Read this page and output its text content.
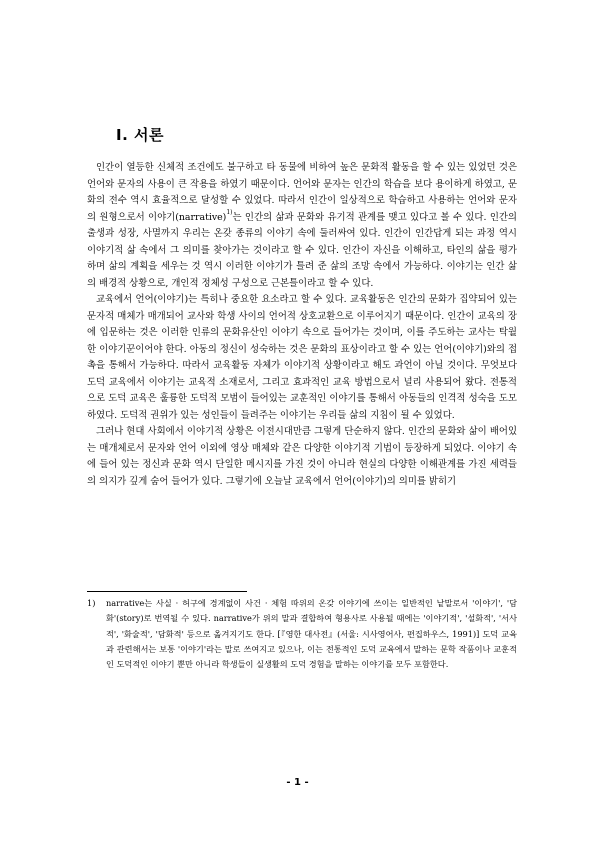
Ⅰ. 서론

인간이 열등한 신체적 조건에도 불구하고 타 동물에 비하여 높은 문화적 활동을 할 수 있는 있었던 것은 언어와 문자의 사용이 큰 작용을 하였기 때문이다. 언어와 문자는 인간의 학습을 보다 용이하게 하였고, 문화의 전수 역시 효율적으로 달성할 수 있었다. 따라서 인간이 일상적으로 학습하고 사용하는 언어와 문자의 원형으로서 이야기(narrative)$^{1)}$는 인간의 삶과 문화와 유기적 관계를 맺고 있다고 볼 수 있다. 인간의 출생과 성장, 사멸까지 우리는 온갖 종류의 이야기 속에 둘러싸여 있다. 인간이 인간답게 되는 과정 역시 이야기적 삶 속에서 그 의미를 찾아가는 것이라고 할 수 있다. 인간이 자신을 이해하고, 타인의 삶을 평가하며 삶의 계획을 세우는 것 역시 이러한 이야기가 틀려 준 삶의 조망 속에서 가능하다. 이야기는 인간 삶의 배경적 상황으로, 개인적 정체성 구성으로 근본틀이라고 할 수 있다.

교육에서 언어(이야기)는 특히나 중요한 요소라고 할 수 있다. 교육활동은 인간의 문화가 집약되어 있는 문자적 매체가 매개되어 교사와 학생 사이의 언어적 상호교환으로 이루어지기 때문이다. 인간이 교육의 장에 입문하는 것은 이러한 인류의 문화유산인 이야기 속으로 들어가는 것이며, 이를 주도하는 교사는 탁월한 이야기꾼이어야 한다. 아동의 정신이 성숙하는 것은 문화의 표상이라고 할 수 있는 언어(이야기)와의 접촉을 통해서 가능하다. 따라서 교육활동 자체가 이야기적 상황이라고 해도 과언이 아닐 것이다. 무엇보다 도덕 교육에서 이야기는 교육적 소재로서, 그리고 효과적인 교육 방법으로서 널리 사용되어 왔다. 전통적으로 도덕 교육은 훌륭한 도덕적 모범이 들어있는 교훈적인 이야기를 통해서 아동들의 인격적 성숙을 도모하였다. 도덕적 권위가 있는 성인들이 들려주는 이야기는 우리들 삶의 지침이 될 수 있었다.

그러나 현대 사회에서 이야기적 상황은 이전시대만큼 그렇게 단순하지 않다. 인간의 문화와 삶이 배어있는 매개체로서 문자와 언어 이외에 영상 매체와 같은 다양한 이야기적 기법이 등장하게 되었다. 이야기 속에 들어 있는 정신과 문화 역시 단일한 메시지를 가진 것이 아니라 현실의 다양한 이해관계를 가진 세력들의 의지가 깊게 숨어 들어가 있다. 그렇기에 오늘날 교육에서 언어(이야기)의 의미를 밝히기

1)	narrative는 사실 · 허구에 경계없이 사건 · 체험 따위의 온갖 이야기에 쓰이는 일반적인 낱말로서 '이야기', '담화'(story)로 번역될 수 있다. narrative가 위의 말과 결합하여 형용사로 사용될 때에는 '이야기적', '설화적', '서사적', '화술적', '담화적' 등으로 옮겨지기도 한다. [『영한 대사전』(서울: 시사영어사, 편집하우스, 1991)] 도덕 교육과 관련해서는 보통 '이야기'라는 말로 쓰여지고 있으나, 이는 전통적인 도덕 교육에서 말하는 문학 작품이나 교훈적인 도덕적인 이야기 뿐만 아니라 학생들이 실생활의 도덕 경험을 말하는 이야기를 모두 포함한다.
- 1 -
